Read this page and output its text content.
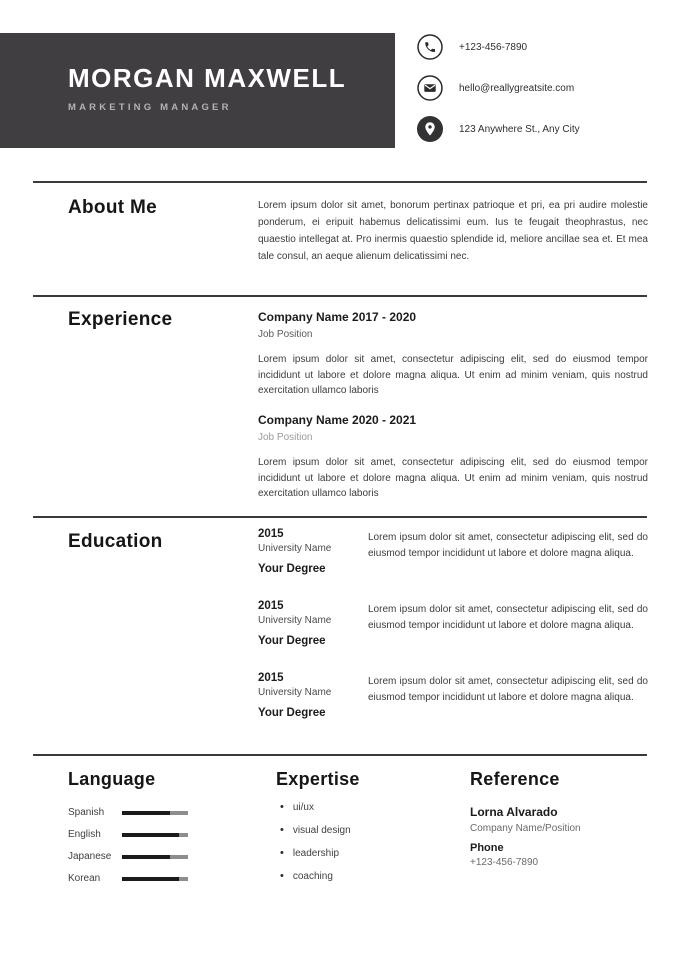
MORGAN MAXWELL
MARKETING MANAGER
+123-456-7890
hello@reallygreatsite.com
123 Anywhere St., Any City
About Me	Lorem ipsum dolor sit amet, bonorum pertinax patrioque et pri, ea pri audire molestie ponderum, ei eripuit habemus delicatissimi eum. Ius te feugait theophrastus, nec quaestio intellegat at. Pro inermis quaestio splendide id, meliore ancillae sea et. Et mea tale consul, an aeque alienum delicatissimi nec.
Experience	Company Name 2017 - 2020
Job Position
Lorem ipsum dolor sit amet, consectetur adipiscing elit, sed do eiusmod tempor incididunt ut labore et dolore magna aliqua. Ut enim ad minim veniam, quis nostrud exercitation ullamco laboris
Company Name 2020 - 2021
Job Position
Lorem ipsum dolor sit amet, consectetur adipiscing elit, sed do eiusmod tempor incididunt ut labore et dolore magna aliqua. Ut enim ad minim veniam, quis nostrud exercitation ullamco laboris
Education	2015
University Name
Your Degree
Lorem ipsum dolor sit amet, consectetur adipiscing elit, sed do eiusmod tempor incididunt ut labore et dolore magna aliqua.
2015
University Name
Your Degree
Lorem ipsum dolor sit amet, consectetur adipiscing elit, sed do eiusmod tempor incididunt ut labore et dolore magna aliqua.
2015
University Name
Your Degree
Lorem ipsum dolor sit amet, consectetur adipiscing elit, sed do eiusmod tempor incididunt ut labore et dolore magna aliqua.
Language
Spanish
English
Japanese
Korean
Expertise
• ui/ux
• visual design
• leadership
• coaching
Reference
Lorna Alvarado
Company Name/Position
Phone
+123-456-7890
